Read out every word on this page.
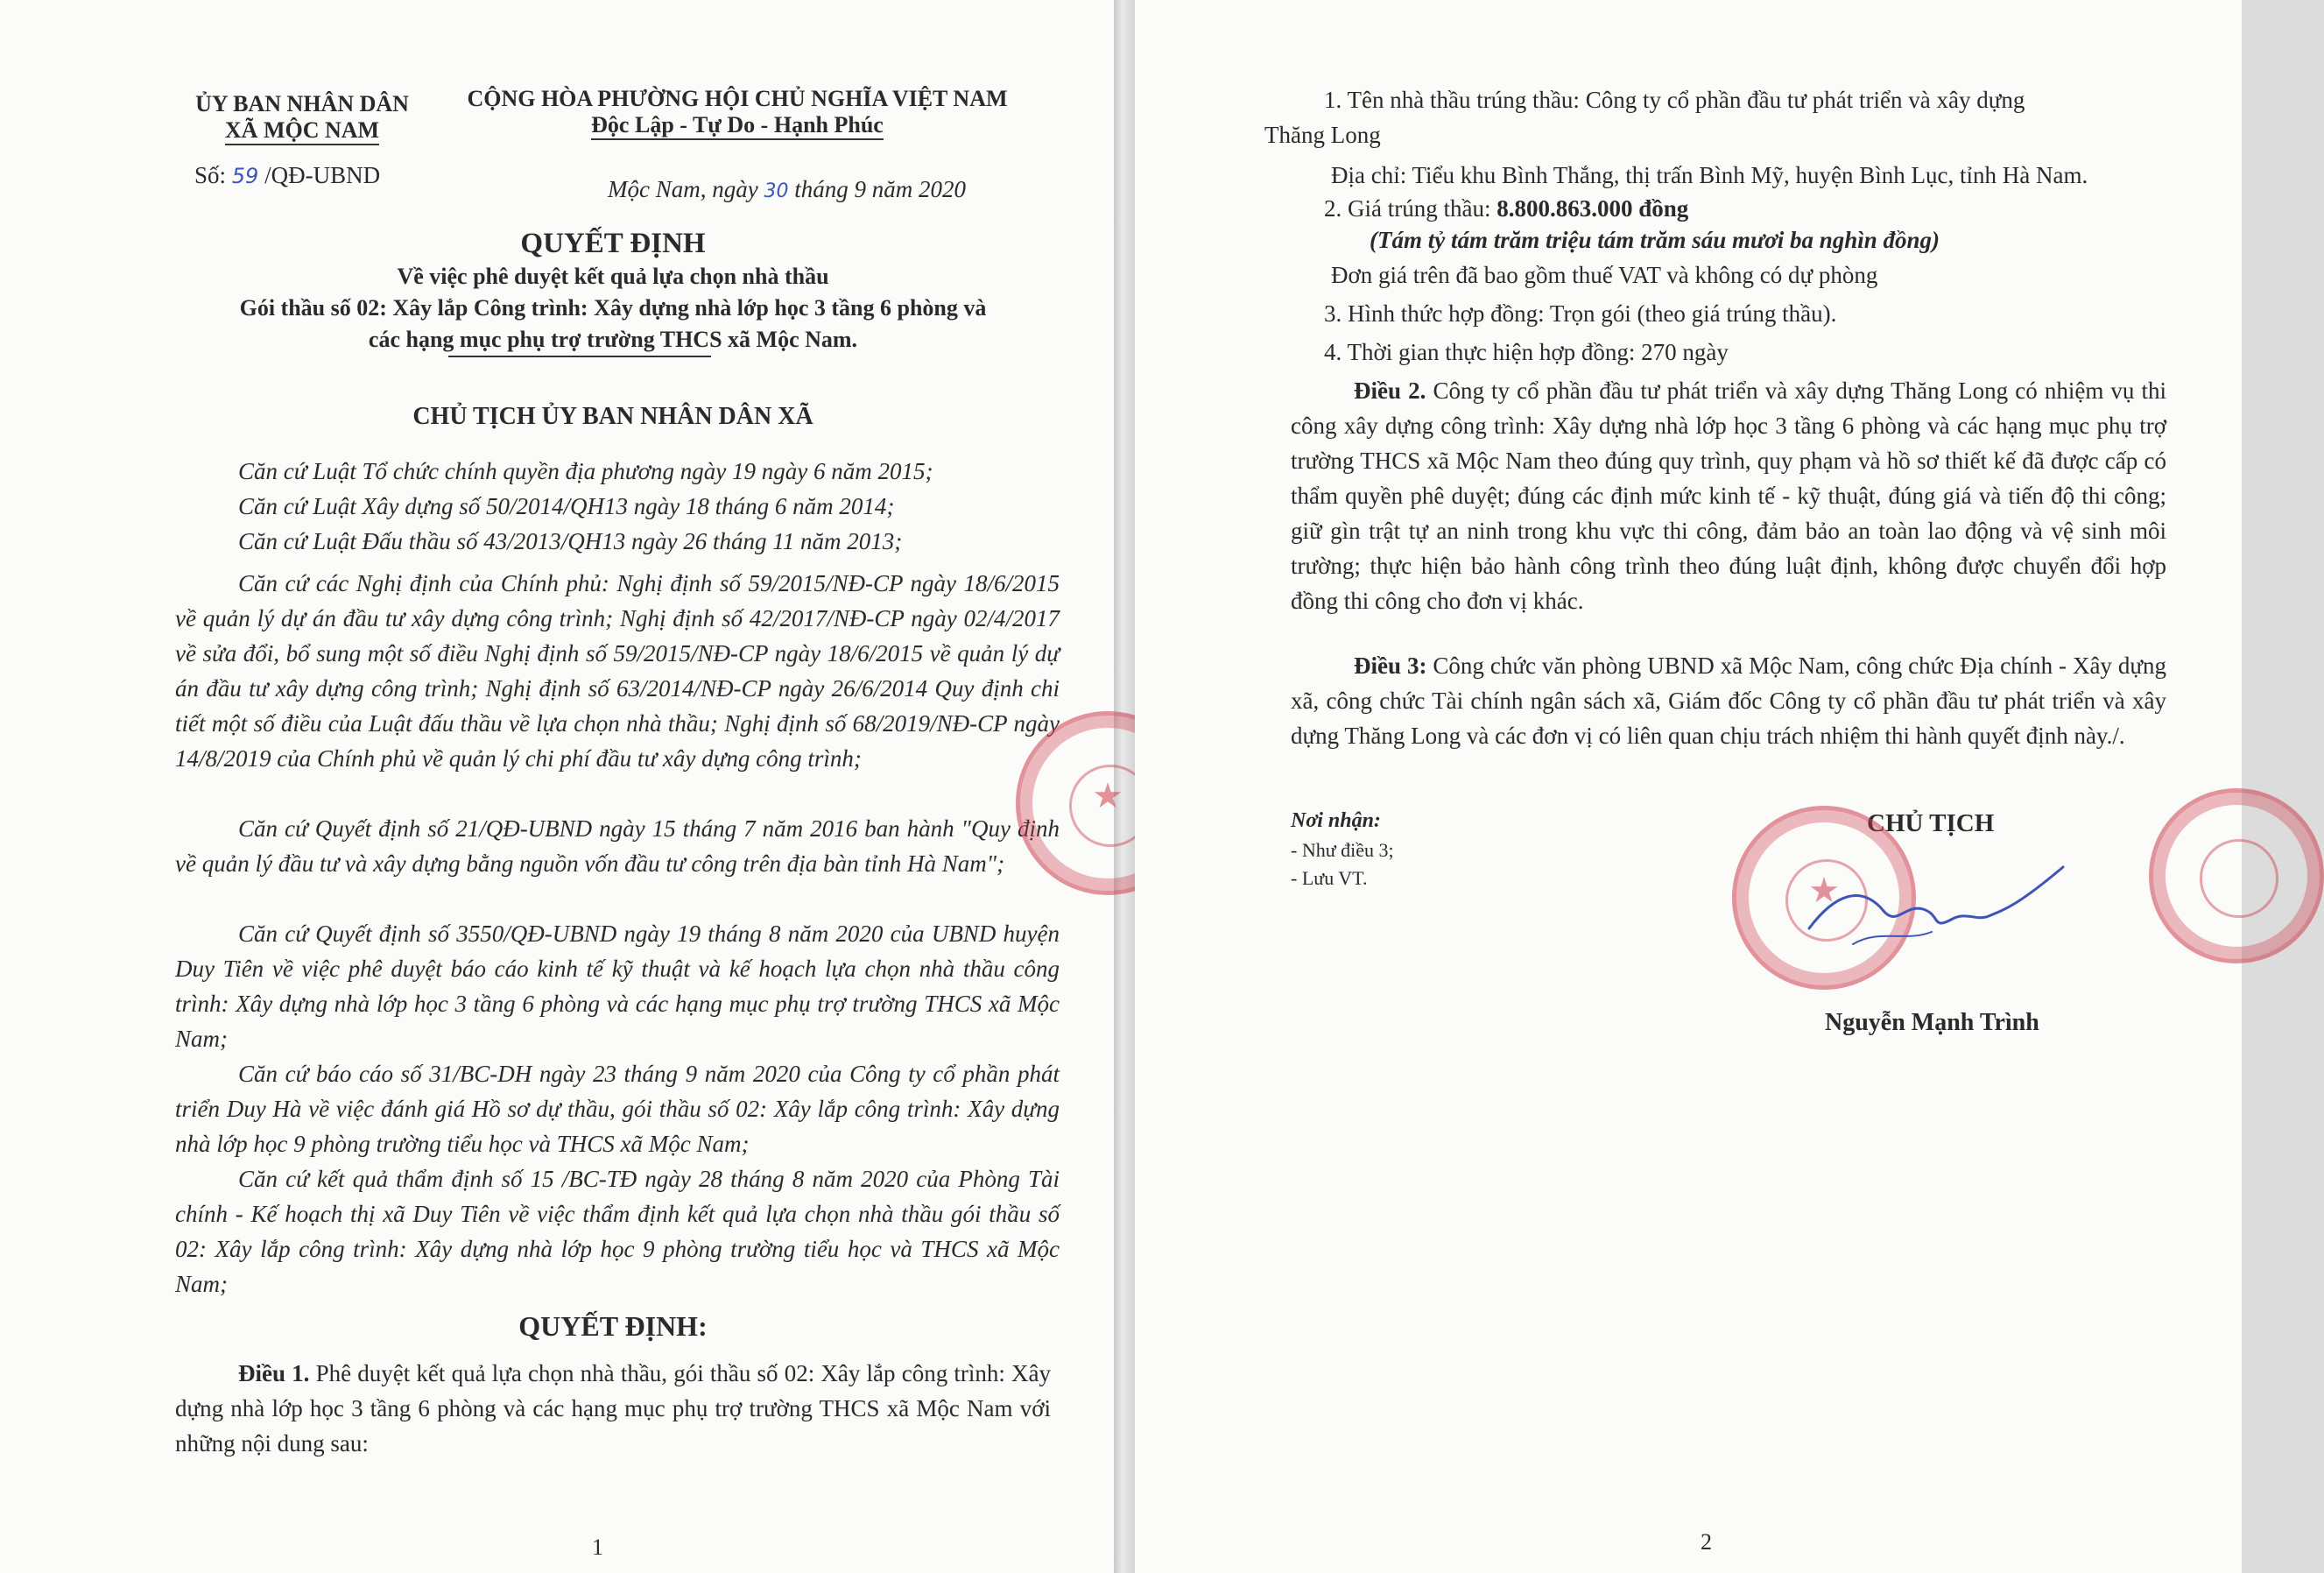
ỦY BAN NHÂN DÂN
XÃ MỘC NAM
CỘNG HÒA PHƯỜNG HỘI CHỦ NGHĨA VIỆT NAM
Độc Lập - Tự Do - Hạnh Phúc
Số: 59 /QĐ-UBND
Mộc Nam, ngày 30 tháng 9 năm 2020
QUYẾT ĐỊNH
Về việc phê duyệt kết quả lựa chọn nhà thầu
Gói thầu số 02: Xây lắp Công trình: Xây dựng nhà lớp học 3 tầng 6 phòng và
các hạng mục phụ trợ trường THCS xã Mộc Nam.
CHỦ TỊCH ỦY BAN NHÂN DÂN XÃ
Căn cứ Luật Tổ chức chính quyền địa phương ngày 19 ngày 6 năm 2015;
Căn cứ Luật Xây dựng số 50/2014/QH13 ngày 18 tháng 6 năm 2014;
Căn cứ Luật Đấu thầu số 43/2013/QH13 ngày 26 tháng 11 năm 2013;
Căn cứ các Nghị định của Chính phủ: Nghị định số 59/2015/NĐ-CP ngày 18/6/2015 về quản lý dự án đầu tư xây dựng công trình; Nghị định số 42/2017/NĐ-CP ngày 02/4/2017 về sửa đổi, bổ sung một số điều Nghị định số 59/2015/NĐ-CP ngày 18/6/2015 về quản lý dự án đầu tư xây dựng công trình; Nghị định số 63/2014/NĐ-CP ngày 26/6/2014 Quy định chi tiết một số điều của Luật đấu thầu về lựa chọn nhà thầu; Nghị định số 68/2019/NĐ-CP ngày 14/8/2019 của Chính phủ về quản lý chi phí đầu tư xây dựng công trình;
Căn cứ Quyết định số 21/QĐ-UBND ngày 15 tháng 7 năm 2016 ban hành "Quy định về quản lý đầu tư và xây dựng bằng nguồn vốn đầu tư công trên địa bàn tỉnh Hà Nam";
Căn cứ Quyết định số 3550/QĐ-UBND ngày 19 tháng 8 năm 2020 của UBND huyện Duy Tiên về việc phê duyệt báo cáo kinh tế kỹ thuật và kế hoạch lựa chọn nhà thầu công trình: Xây dựng nhà lớp học 3 tầng 6 phòng và các hạng mục phụ trợ trường THCS xã Mộc Nam;
Căn cứ báo cáo số 31/BC-DH ngày 23 tháng 9 năm 2020 của Công ty cổ phần phát triển Duy Hà về việc đánh giá Hồ sơ dự thầu, gói thầu số 02: Xây lắp công trình: Xây dựng nhà lớp học 9 phòng trường tiểu học và THCS xã Mộc Nam;
Căn cứ kết quả thẩm định số 15 /BC-TĐ ngày 28 tháng 8 năm 2020 của Phòng Tài chính - Kế hoạch thị xã Duy Tiên về việc thẩm định kết quả lựa chọn nhà thầu gói thầu số 02: Xây lắp công trình: Xây dựng nhà lớp học 9 phòng trường tiểu học và THCS xã Mộc Nam;
QUYẾT ĐỊNH:
Điều 1. Phê duyệt kết quả lựa chọn nhà thầu, gói thầu số 02: Xây lắp công trình: Xây dựng nhà lớp học 3 tầng 6 phòng và các hạng mục phụ trợ trường THCS xã Mộc Nam với những nội dung sau:
1
★
1. Tên nhà thầu trúng thầu: Công ty cổ phần đầu tư phát triển và xây dựng
Thăng Long
Địa chỉ: Tiểu khu Bình Thắng, thị trấn Bình Mỹ, huyện Bình Lục, tỉnh Hà Nam.
2. Giá trúng thầu: 8.800.863.000 đồng
(Tám tỷ tám trăm triệu tám trăm sáu mươi ba nghìn đồng)
Đơn giá trên đã bao gồm thuế VAT và không có dự phòng
3. Hình thức hợp đồng: Trọn gói (theo giá trúng thầu).
4. Thời gian thực hiện hợp đồng: 270 ngày
Điều 2. Công ty cổ phần đầu tư phát triển và xây dựng Thăng Long có nhiệm vụ thi công xây dựng công trình: Xây dựng nhà lớp học 3 tầng 6 phòng và các hạng mục phụ trợ trường THCS xã Mộc Nam theo đúng quy trình, quy phạm và hồ sơ thiết kế đã được cấp có thẩm quyền phê duyệt; đúng các định mức kinh tế - kỹ thuật, đúng giá và tiến độ thi công; giữ gìn trật tự an ninh trong khu vực thi công, đảm bảo an toàn lao động và vệ sinh môi trường; thực hiện bảo hành công trình theo đúng luật định, không được chuyển đổi hợp đồng thi công cho đơn vị khác.
Điều 3: Công chức văn phòng UBND xã Mộc Nam, công chức Địa chính - Xây dựng xã, công chức Tài chính ngân sách xã, Giám đốc Công ty cổ phần đầu tư phát triển và xây dựng Thăng Long và các đơn vị có liên quan chịu trách nhiệm thi hành quyết định này./.
Nơi nhận:
- Như điều 3;
- Lưu VT.
CHỦ TỊCH
★
Nguyễn Mạnh Trình
2
